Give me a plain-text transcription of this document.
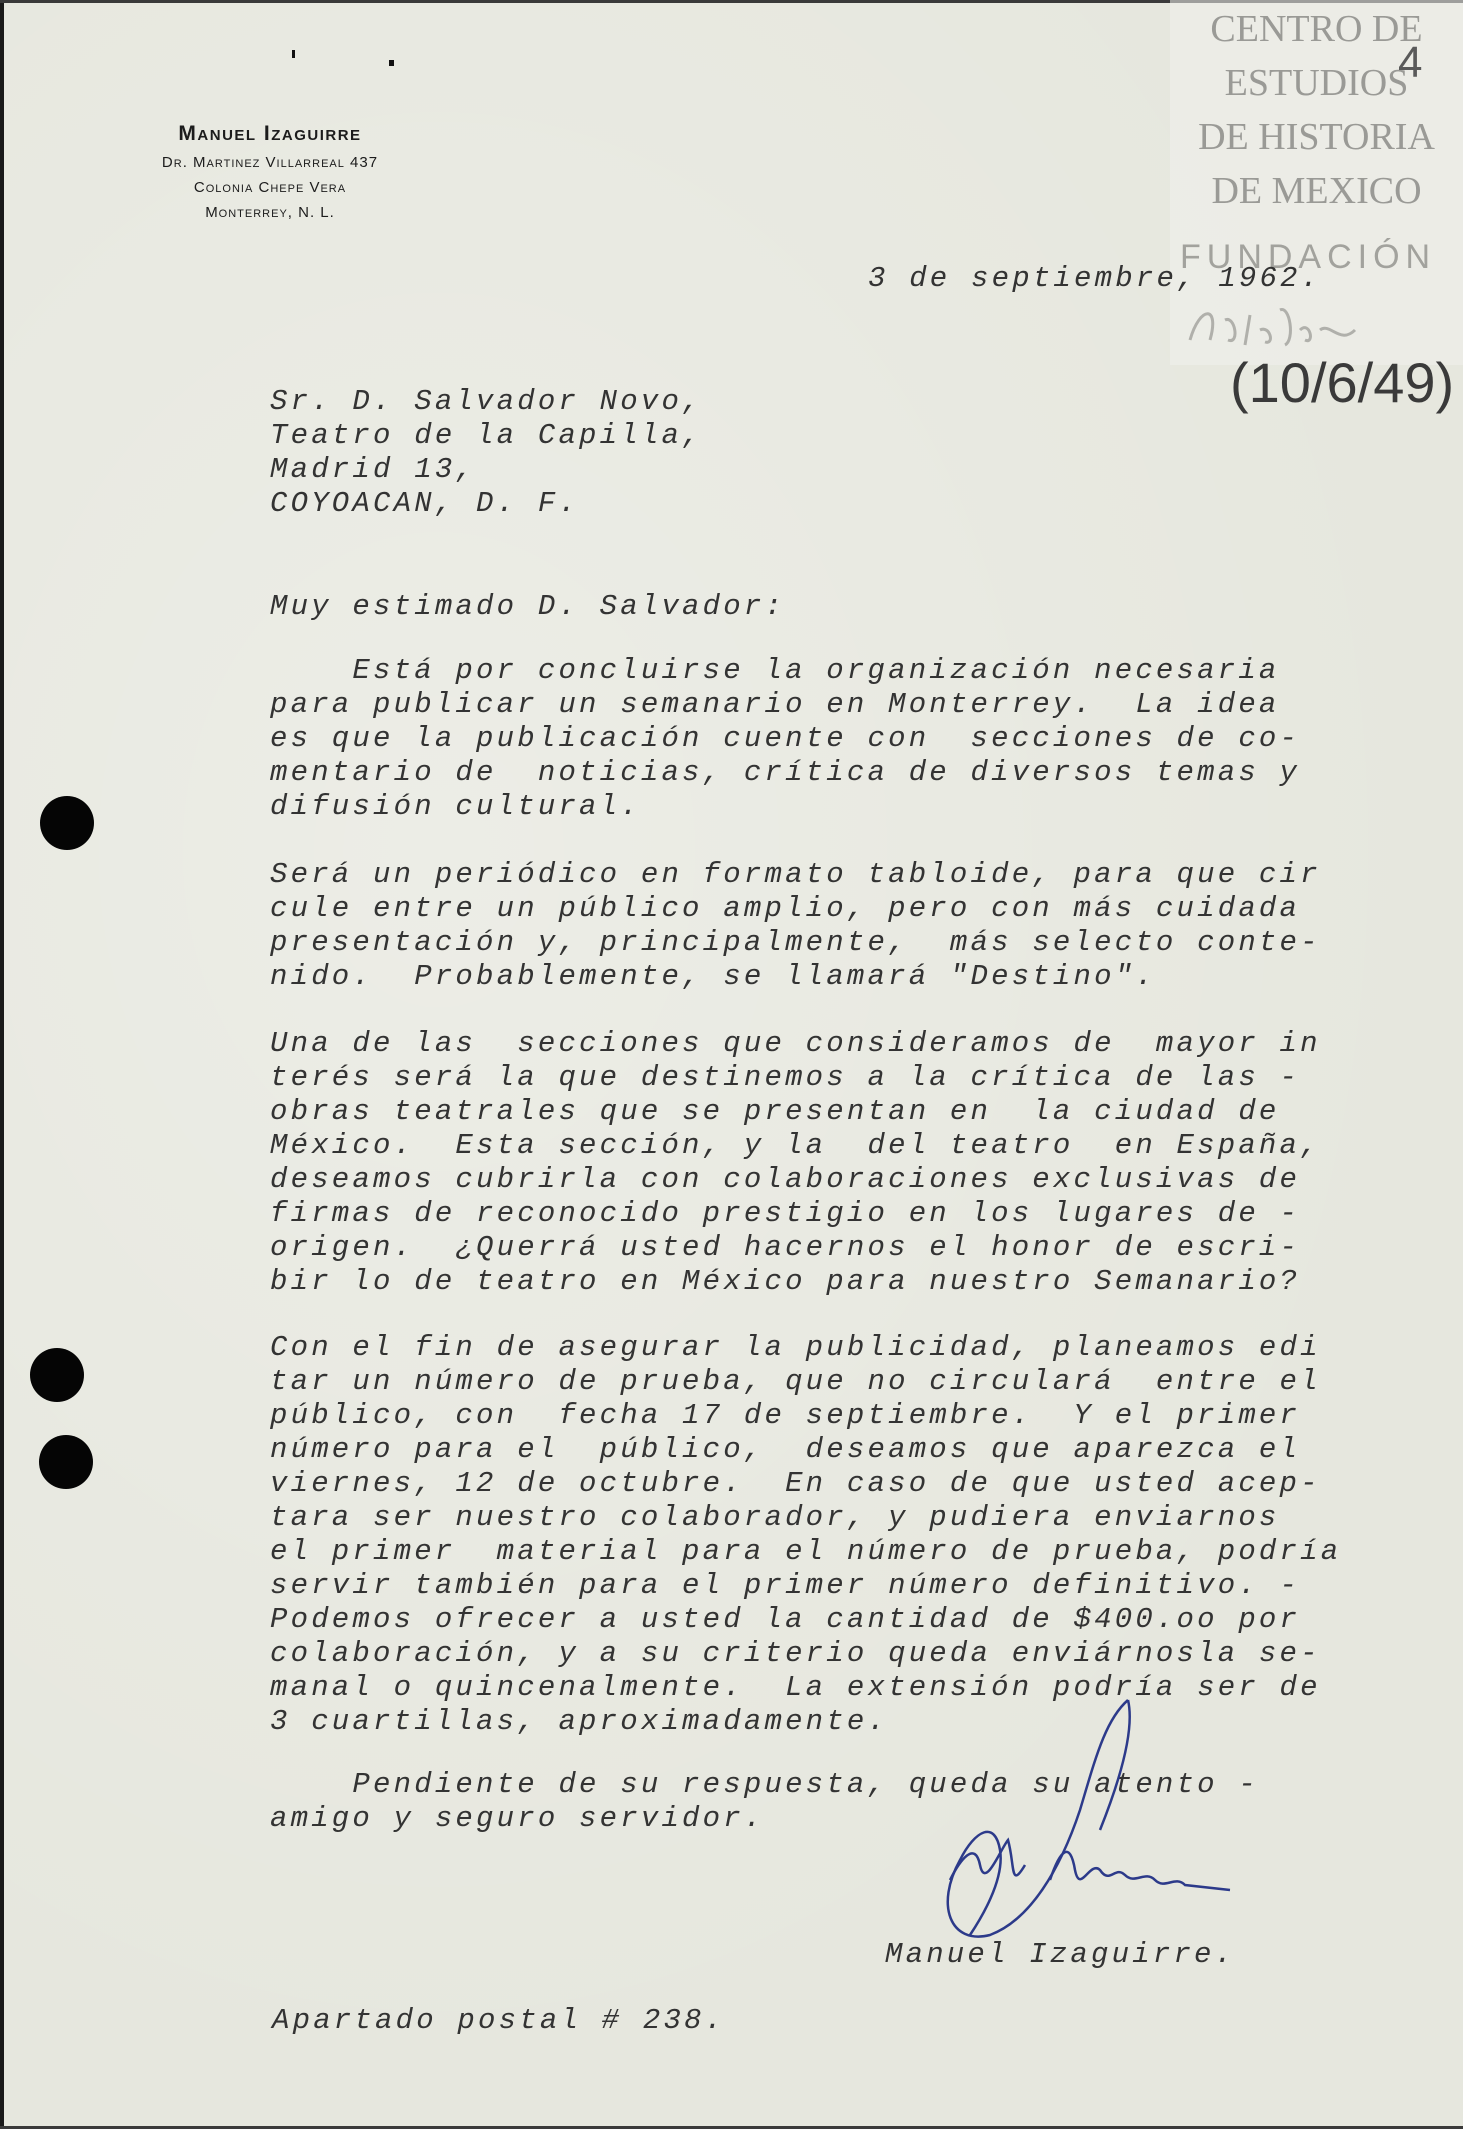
Manuel Izaguirre
Dr. Martinez Villarreal 437
Colonia Chepe Vera
Monterrey, N. L.
CENTRO DE
ESTUDIOS
DE HISTORIA
DE MEXICO
FUNDACIÓN
4
(10/6/49)
3 de septiembre, 1962.
Sr. D. Salvador Novo,
Teatro de la Capilla,
Madrid 13,
COYOACAN, D. F.
Muy estimado D. Salvador:
Está por concluirse la organización necesaria
para publicar un semanario en Monterrey.  La idea
es que la publicación cuente con  secciones de co-
mentario de  noticias, crítica de diversos temas y
difusión cultural.
Será un periódico en formato tabloide, para que cir
cule entre un público amplio, pero con más cuidada
presentación y, principalmente,  más selecto conte-
nido.  Probablemente, se llamará "Destino".
Una de las  secciones que consideramos de  mayor in
terés será la que destinemos a la crítica de las -
obras teatrales que se presentan en  la ciudad de
México.  Esta sección, y la  del teatro  en España,
deseamos cubrirla con colaboraciones exclusivas de
firmas de reconocido prestigio en los lugares de -
origen.  ¿Querrá usted hacernos el honor de escri-
bir lo de teatro en México para nuestro Semanario?
Con el fin de asegurar la publicidad, planeamos edi
tar un número de prueba, que no circulará  entre el
público, con  fecha 17 de septiembre.  Y el primer
número para el  público,  deseamos que aparezca el
viernes, 12 de octubre.  En caso de que usted acep-
tara ser nuestro colaborador, y pudiera enviarnos
el primer  material para el número de prueba, podría
servir también para el primer número definitivo. -
Podemos ofrecer a usted la cantidad de $400.oo por
colaboración, y a su criterio queda enviárnosla se-
manal o quincenalmente.  La extensión podría ser de
3 cuartillas, aproximadamente.
Pendiente de su respuesta, queda su atento -
amigo y seguro servidor.
Manuel Izaguirre.
Apartado postal # 238.
